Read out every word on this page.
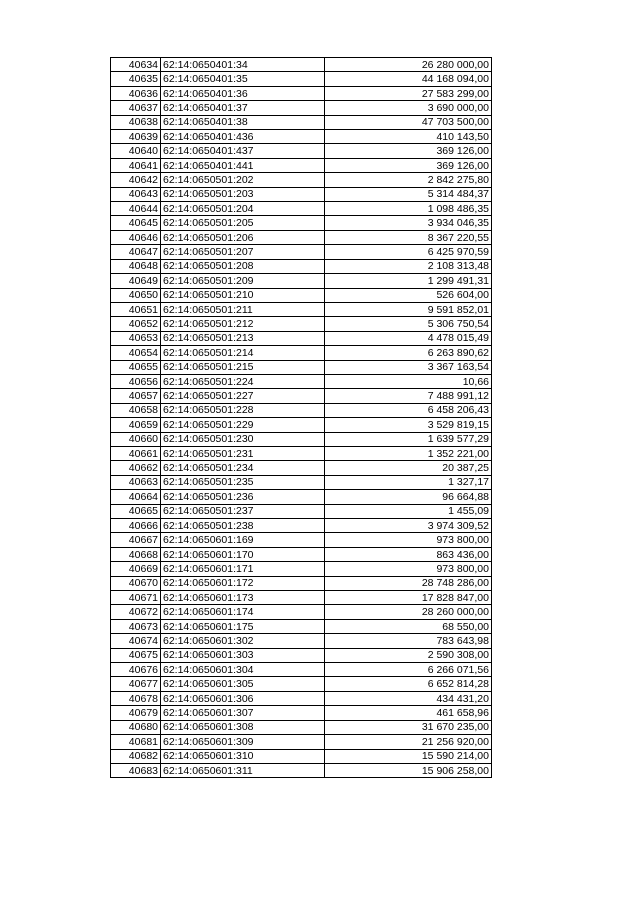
40634	62:14:0650401:34	26 280 000,00
40635	62:14:0650401:35	44 168 094,00
40636	62:14:0650401:36	27 583 299,00
40637	62:14:0650401:37	3 690 000,00
40638	62:14:0650401:38	47 703 500,00
40639	62:14:0650401:436	410 143,50
40640	62:14:0650401:437	369 126,00
40641	62:14:0650401:441	369 126,00
40642	62:14:0650501:202	2 842 275,80
40643	62:14:0650501:203	5 314 484,37
40644	62:14:0650501:204	1 098 486,35
40645	62:14:0650501:205	3 934 046,35
40646	62:14:0650501:206	8 367 220,55
40647	62:14:0650501:207	6 425 970,59
40648	62:14:0650501:208	2 108 313,48
40649	62:14:0650501:209	1 299 491,31
40650	62:14:0650501:210	526 604,00
40651	62:14:0650501:211	9 591 852,01
40652	62:14:0650501:212	5 306 750,54
40653	62:14:0650501:213	4 478 015,49
40654	62:14:0650501:214	6 263 890,62
40655	62:14:0650501:215	3 367 163,54
40656	62:14:0650501:224	10,66
40657	62:14:0650501:227	7 488 991,12
40658	62:14:0650501:228	6 458 206,43
40659	62:14:0650501:229	3 529 819,15
40660	62:14:0650501:230	1 639 577,29
40661	62:14:0650501:231	1 352 221,00
40662	62:14:0650501:234	20 387,25
40663	62:14:0650501:235	1 327,17
40664	62:14:0650501:236	96 664,88
40665	62:14:0650501:237	1 455,09
40666	62:14:0650501:238	3 974 309,52
40667	62:14:0650601:169	973 800,00
40668	62:14:0650601:170	863 436,00
40669	62:14:0650601:171	973 800,00
40670	62:14:0650601:172	28 748 286,00
40671	62:14:0650601:173	17 828 847,00
40672	62:14:0650601:174	28 260 000,00
40673	62:14:0650601:175	68 550,00
40674	62:14:0650601:302	783 643,98
40675	62:14:0650601:303	2 590 308,00
40676	62:14:0650601:304	6 266 071,56
40677	62:14:0650601:305	6 652 814,28
40678	62:14:0650601:306	434 431,20
40679	62:14:0650601:307	461 658,96
40680	62:14:0650601:308	31 670 235,00
40681	62:14:0650601:309	21 256 920,00
40682	62:14:0650601:310	15 590 214,00
40683	62:14:0650601:311	15 906 258,00
